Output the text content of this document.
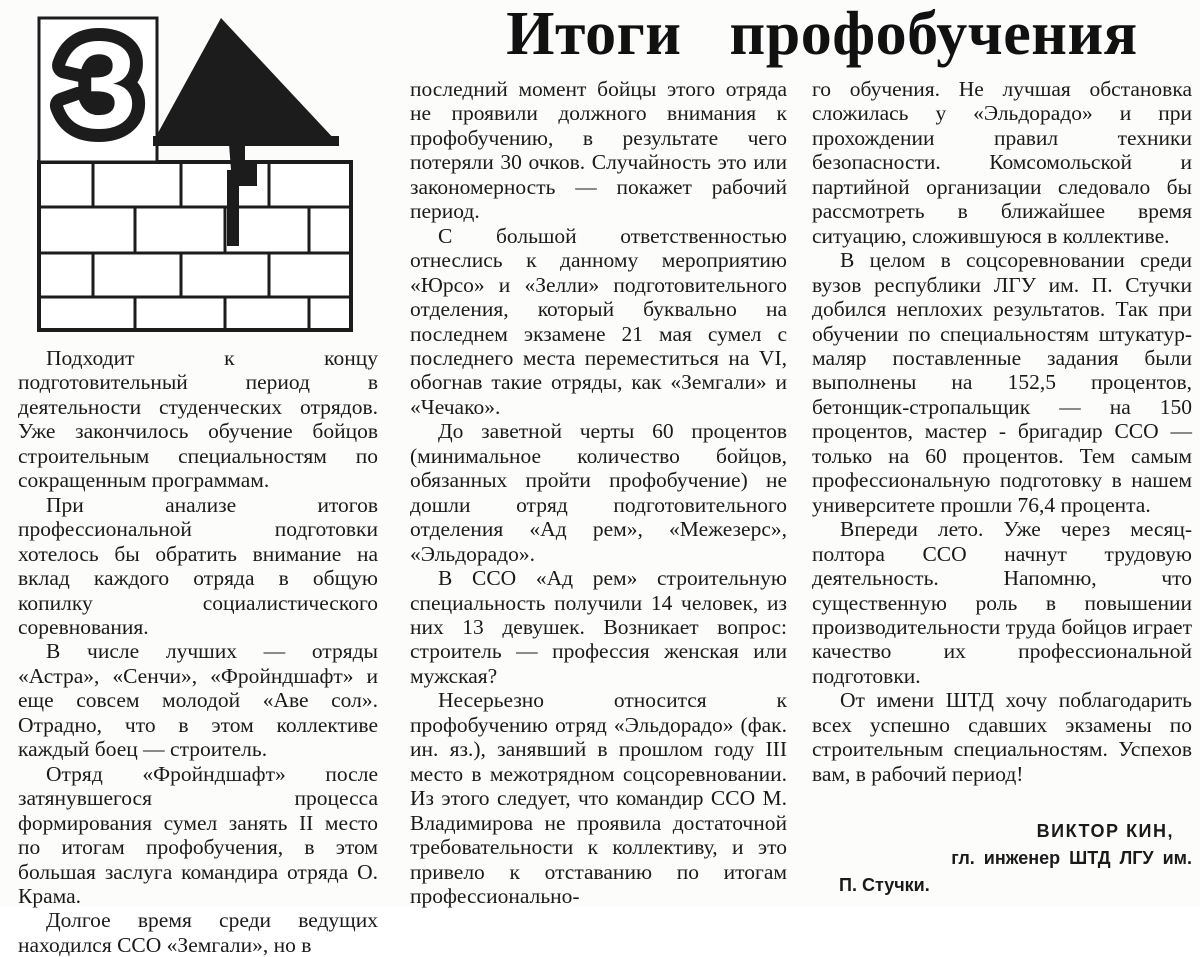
Итоги   профобучения
З

Подходит к концу подготовительный период в деятельности студенческих отрядов. Уже закончилось обучение бойцов строительным специальностям по сокращенным программам.

При анализе итогов профессиональной подготовки хотелось бы обратить внимание на вклад каждого отряда в общую копилку социалистического соревнования.

В числе лучших — отряды «Астра», «Сенчи», «Фройндшафт» и еще совсем молодой «Аве сол». Отрадно, что в этом коллективе каждый боец — строитель.

Отряд «Фройндшафт» после затянувшегося процесса формирования сумел занять II место по итогам профобучения, в этом большая заслуга командира отряда О. Крама.

Долгое время среди ведущих находился ССО «Земгали», но в

последний момент бойцы этого отряда не проявили должного внимания к профобучению, в результате чего потеряли 30 очков. Случайность это или закономерность — покажет рабочий период.

С большой ответственностью отнеслись к данному мероприятию «Юрсо» и «Зелли» подготовительного отделения, который буквально на последнем экзамене 21 мая сумел с последнего места переместиться на VI, обогнав такие отряды, как «Земгали» и «Чечако».

До заветной черты 60 процентов (минимальное количество бойцов, обязанных пройти профобучение) не дошли отряд подготовительного отделения «Ад рем», «Межезерс», «Эльдорадо».

В ССО «Ад рем» строительную специальность получили 14 человек, из них 13 девушек. Возникает вопрос: строитель — профессия женская или мужская?

Несерьезно относится к профобучению отряд «Эльдорадо» (фак. ин. яз.), занявший в прошлом году III место в межотрядном соцсоревновании. Из этого следует, что командир ССО М. Владимирова не проявила достаточной требовательности к коллективу, и это привело к отставанию по итогам профессионально-

го обучения. Не лучшая обстановка сложилась у «Эльдорадо» и при прохождении правил техники безопасности. Комсомольской и партийной организации следовало бы рассмотреть в ближайшее время ситуацию, сложившуюся в коллективе.

В целом в соцсоревновании среди вузов республики ЛГУ им. П. Стучки добился неплохих результатов. Так при обучении по специальностям штукатур-маляр поставленные задания были выполнены на 152,5 процентов, бетонщик-стропальщик — на 150 процентов, мастер - бригадир ССО — только на 60 процентов. Тем самым профессиональную подготовку в нашем университете прошли 76,4 процента.

Впереди лето. Уже через месяц-полтора ССО начнут трудовую деятельность. Напомню, что существенную роль в повышении производительности труда бойцов играет качество их профессиональной подготовки.

От имени ШТД хочу поблагодарить всех успешно сдавших экзамены по строительным специальностям. Успехов вам, в рабочий период!

ВИКТОР КИН,
гл. инженер ШТД ЛГУ им.
П. Стучки.
